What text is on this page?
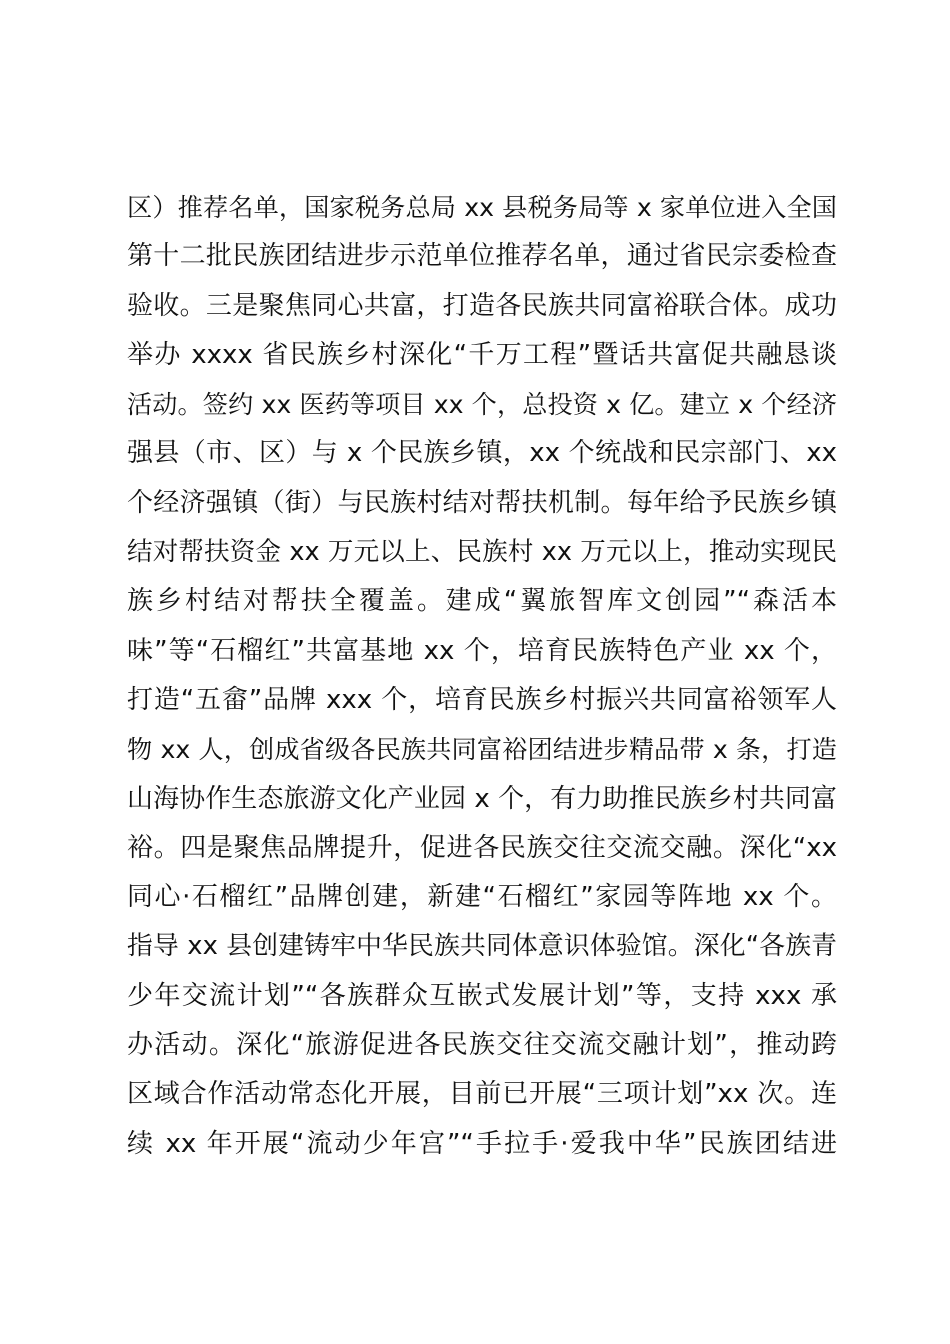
区）推荐名单，国家税务总局 xx 县税务局等 x 家单位进入全国
第十二批民族团结进步示范单位推荐名单，通过省民宗委检查
验收。三是聚焦同心共富，打造各民族共同富裕联合体。成功
举办 xxxx 省民族乡村深化“千万工程”暨话共富促共融恳谈
活动。签约 xx 医药等项目 xx 个，总投资 x 亿。建立 x 个经济
强县（市、区）与 x 个民族乡镇，xx 个统战和民宗部门、xx
个经济强镇（街）与民族村结对帮扶机制。每年给予民族乡镇
结对帮扶资金 xx 万元以上、民族村 xx 万元以上，推动实现民
族乡村结对帮扶全覆盖。建成“翼旅智库文创园”“森活本
味”等“石榴红”共富基地 xx 个，培育民族特色产业 xx 个，
打造“五畲”品牌 xxx 个，培育民族乡村振兴共同富裕领军人
物 xx 人，创成省级各民族共同富裕团结进步精品带 x 条，打造
山海协作生态旅游文化产业园 x 个，有力助推民族乡村共同富
裕。四是聚焦品牌提升，促进各民族交往交流交融。深化“xx
同心·石榴红”品牌创建，新建“石榴红”家园等阵地 xx 个。
指导 xx 县创建铸牢中华民族共同体意识体验馆。深化“各族青
少年交流计划”“各族群众互嵌式发展计划”等，支持 xxx 承
办活动。深化“旅游促进各民族交往交流交融计划”，推动跨
区域合作活动常态化开展，目前已开展“三项计划”xx 次。连
续 xx 年开展“流动少年宫”“手拉手·爱我中华”民族团结进
